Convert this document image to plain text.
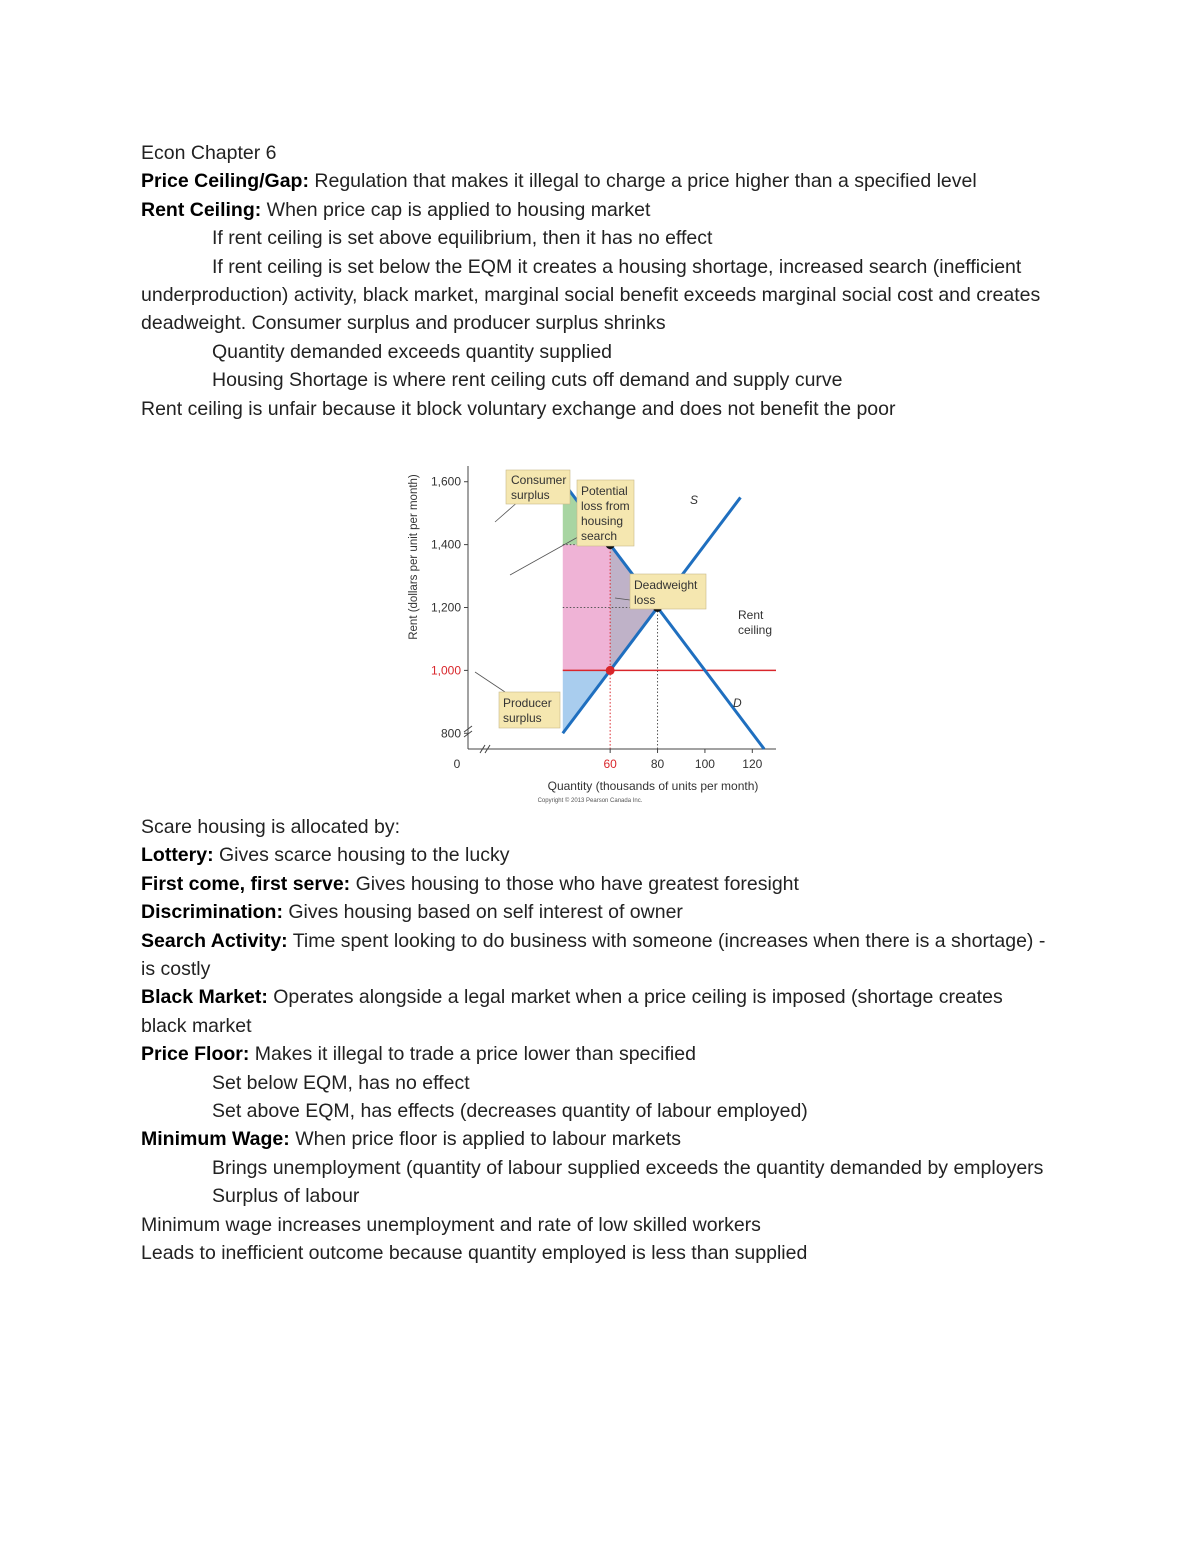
Econ Chapter 6

Price Ceiling/Gap: Regulation that makes it illegal to charge a price higher than a specified level

Rent Ceiling: When price cap is applied to housing market

If rent ceiling is set above equilibrium, then it has no effect

If rent ceiling is set below the EQM it creates a housing shortage, increased search (inefficient underproduction) activity, black market, marginal social benefit exceeds marginal social cost and creates deadweight. Consumer surplus and producer surplus shrinks

Quantity demanded exceeds quantity supplied

Housing Shortage is where rent ceiling cuts off demand and supply curve

Rent ceiling is unfair because it block voluntary exchange and does not benefit the poor

0	60	80	100 120
800
1,000
1,200
1,400
1,600	Consumer
surplus	Potential
loss from
housing
search
Deadweight
loss
Producer
surplus
S
D
Rent
ceiling
Rent (dollars per unit per month)
Quantity (thousands of units per month)
Copyright © 2013 Pearson Canada Inc.

Scare housing is allocated by:

Lottery: Gives scarce housing to the lucky

First come, first serve: Gives housing to those who have greatest foresight

Discrimination: Gives housing based on self interest of owner

Search Activity: Time spent looking to do business with someone (increases when there is a shortage) - is costly

Black Market: Operates alongside a legal market when a price ceiling is imposed (shortage creates black market

Price Floor: Makes it illegal to trade a price lower than specified

Set below EQM, has no effect

Set above EQM, has effects (decreases quantity of labour employed)

Minimum Wage: When price floor is applied to labour markets

Brings unemployment (quantity of labour supplied exceeds the quantity demanded by employers

Surplus of labour

Minimum wage increases unemployment and rate of low skilled workers

Leads to inefficient outcome because quantity employed is less than supplied
